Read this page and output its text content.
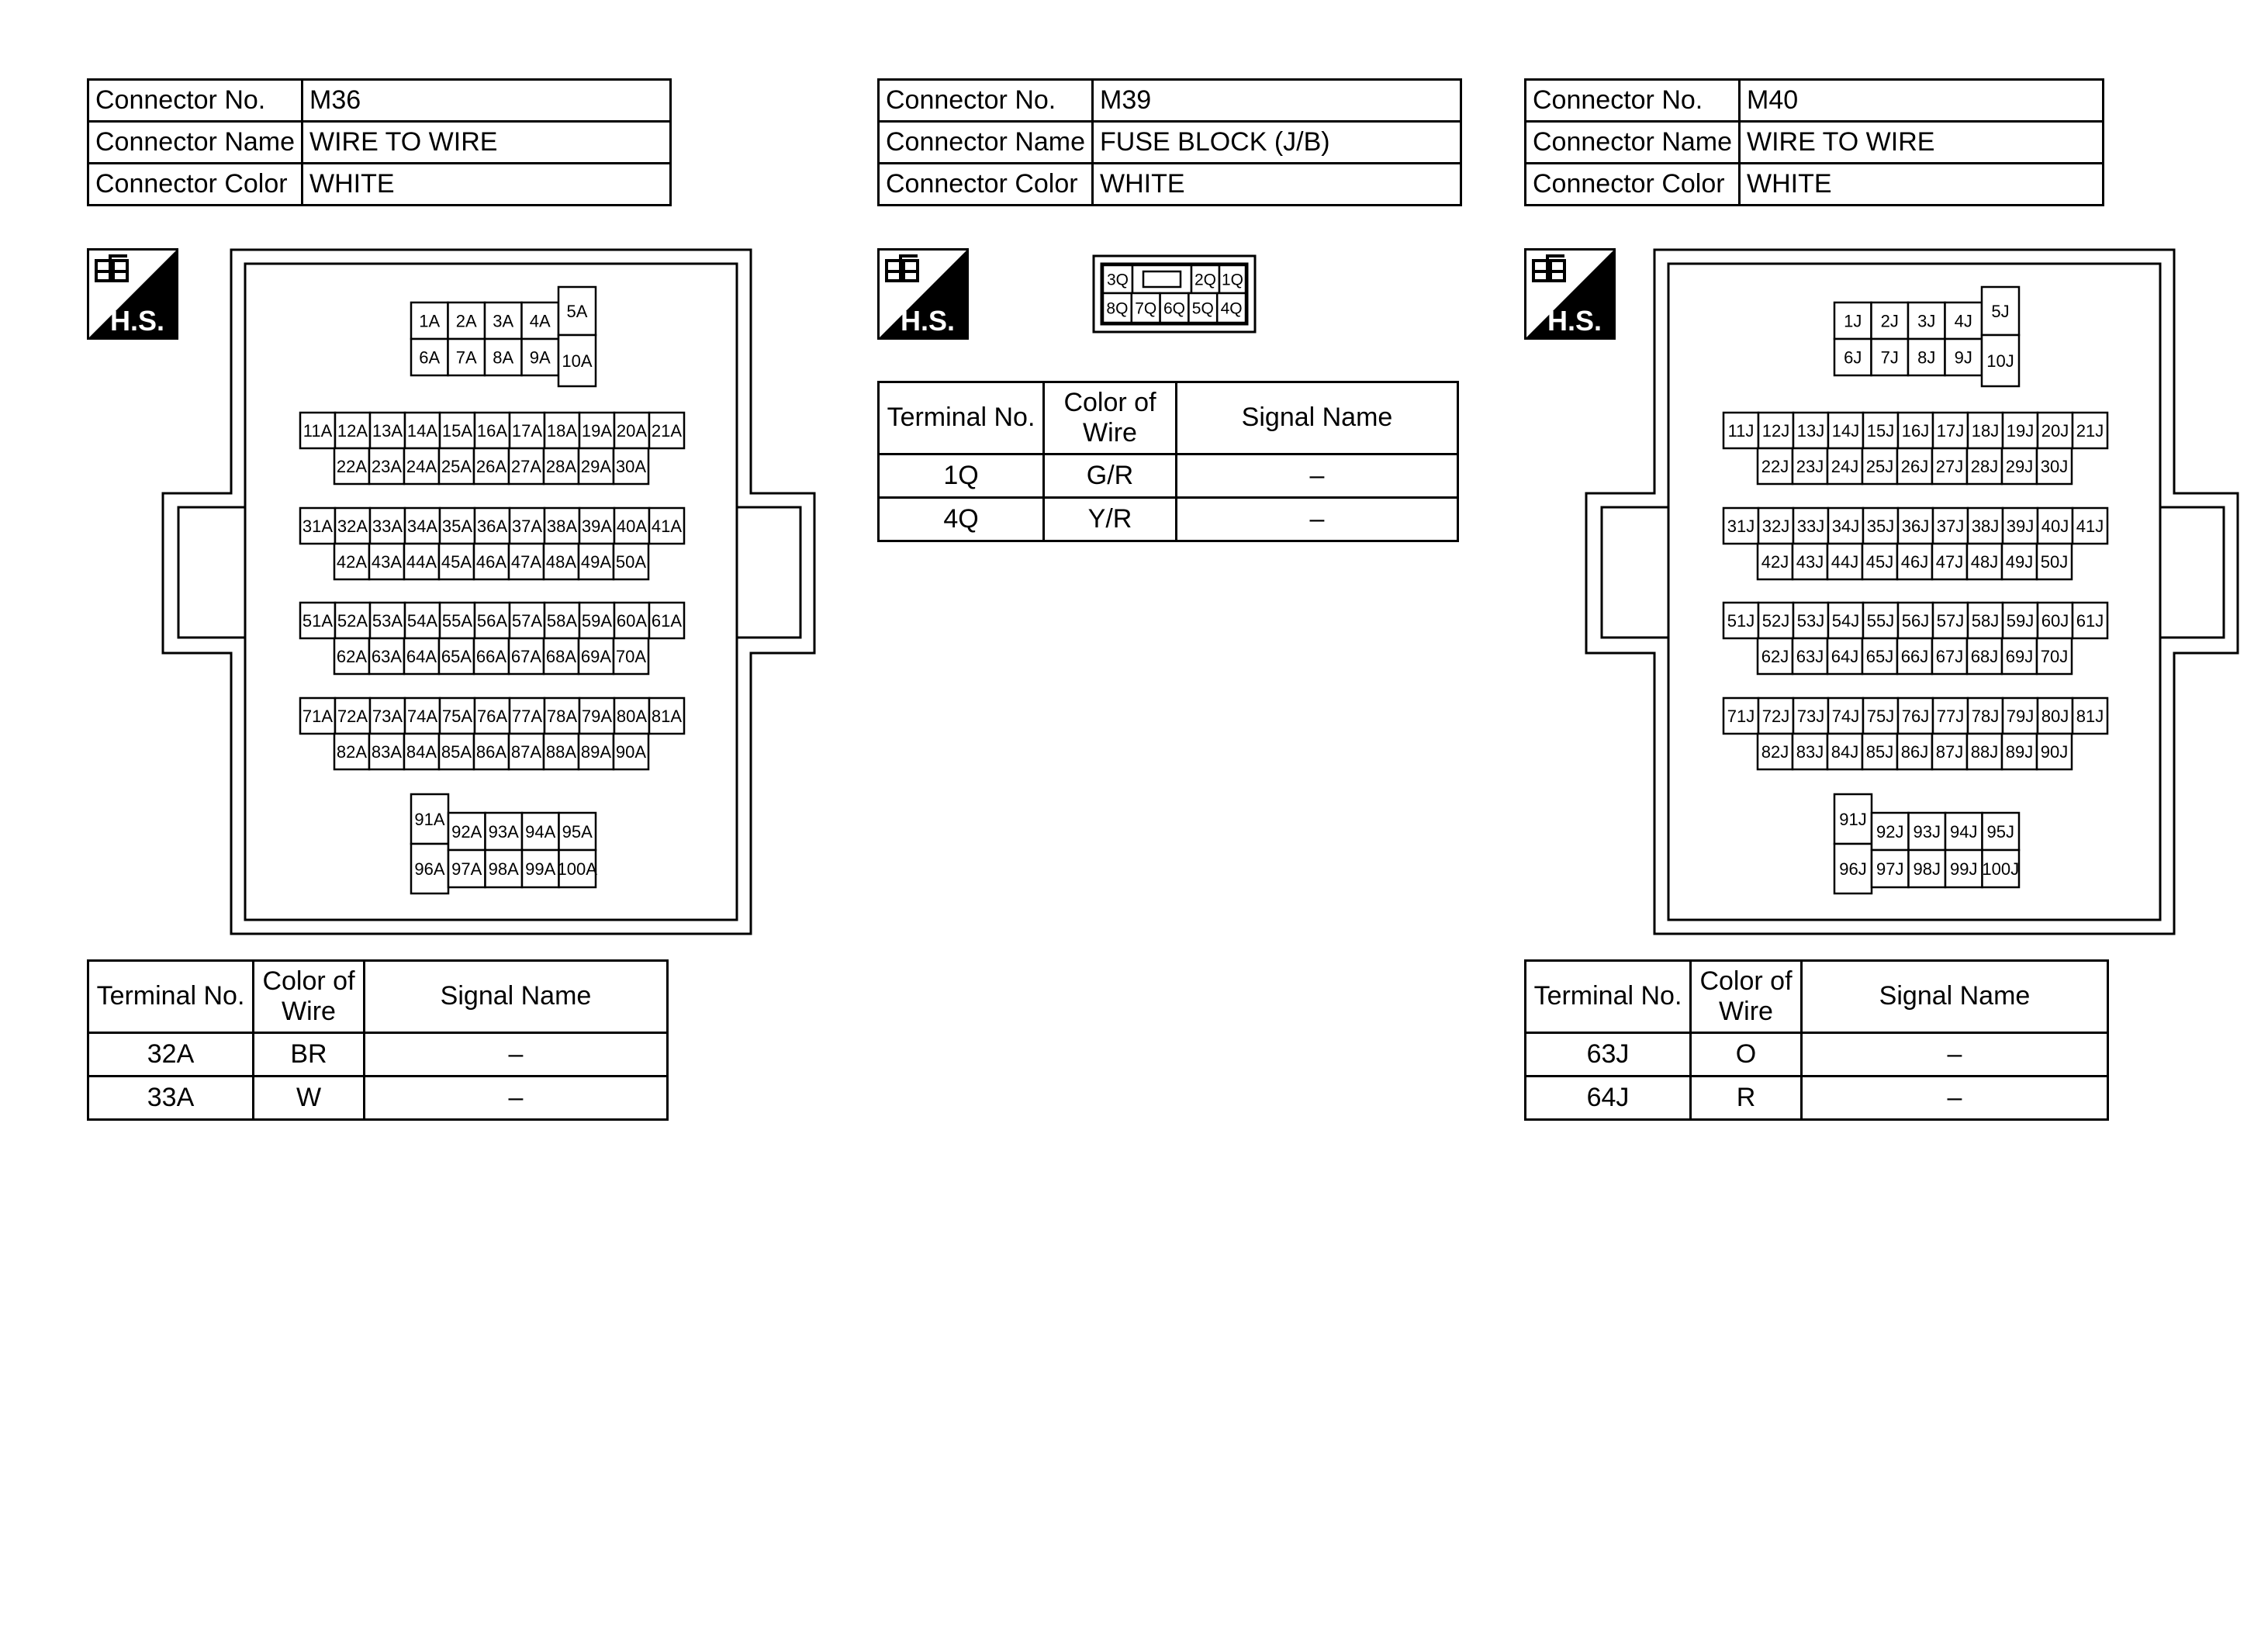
Connector No.	M36
Connector Name	WIRE TO WIRE
Connector Color	WHITE
Connector No.	M39
Connector Name	FUSE BLOCK (J/B)
Connector Color	WHITE
Connector No.	M40
Connector Name	WIRE TO WIRE
Connector Color	WHITE
H.S.	H.S.	H.S.
1A 2A 3A 4A
6A 7A 8A 9A
5A
10A
11A 12A 13A 14A 15A 16A 17A 18A 19A 20A 21A
22A 23A 24A 25A 26A 27A 28A 29A 30A
31A 32A 33A 34A 35A 36A 37A 38A 39A 40A 41A
42A 43A 44A 45A 46A 47A 48A 49A 50A
51A 52A 53A 54A 55A 56A 57A 58A 59A 60A 61A
62A 63A 64A 65A 66A 67A 68A 69A 70A
71A 72A 73A 74A 75A 76A 77A 78A 79A 80A 81A
82A 83A 84A 85A 86A 87A 88A 89A 90A
91A
96A
92A 93A 94A 95A
97A 98A 99A 100A
3Q	2Q 1Q
8Q 7Q 6Q 5Q 4Q
1J 2J 3J 4J
6J 7J 8J 9J
5J
10J
11J 12J 13J 14J 15J 16J 17J 18J 19J 20J 21J
22J 23J 24J 25J 26J 27J 28J 29J 30J
31J 32J 33J 34J 35J 36J 37J 38J 39J 40J 41J
42J 43J 44J 45J 46J 47J 48J 49J 50J
51J 52J 53J 54J 55J 56J 57J 58J 59J 60J 61J
62J 63J 64J 65J 66J 67J 68J 69J 70J
71J 72J 73J 74J 75J 76J 77J 78J 79J 80J 81J
82J 83J 84J 85J 86J 87J 88J 89J 90J
91J
96J
92J 93J 94J 95J
97J 98J 99J 100J
Terminal No.	Color of Wire	Signal Name
32A	BR	–
33A	W	–
Terminal No.	Color of Wire	Signal Name
1Q	G/R	–
4Q	Y/R	–
Terminal No.	Color of Wire	Signal Name
63J	O	–
64J	R	–
